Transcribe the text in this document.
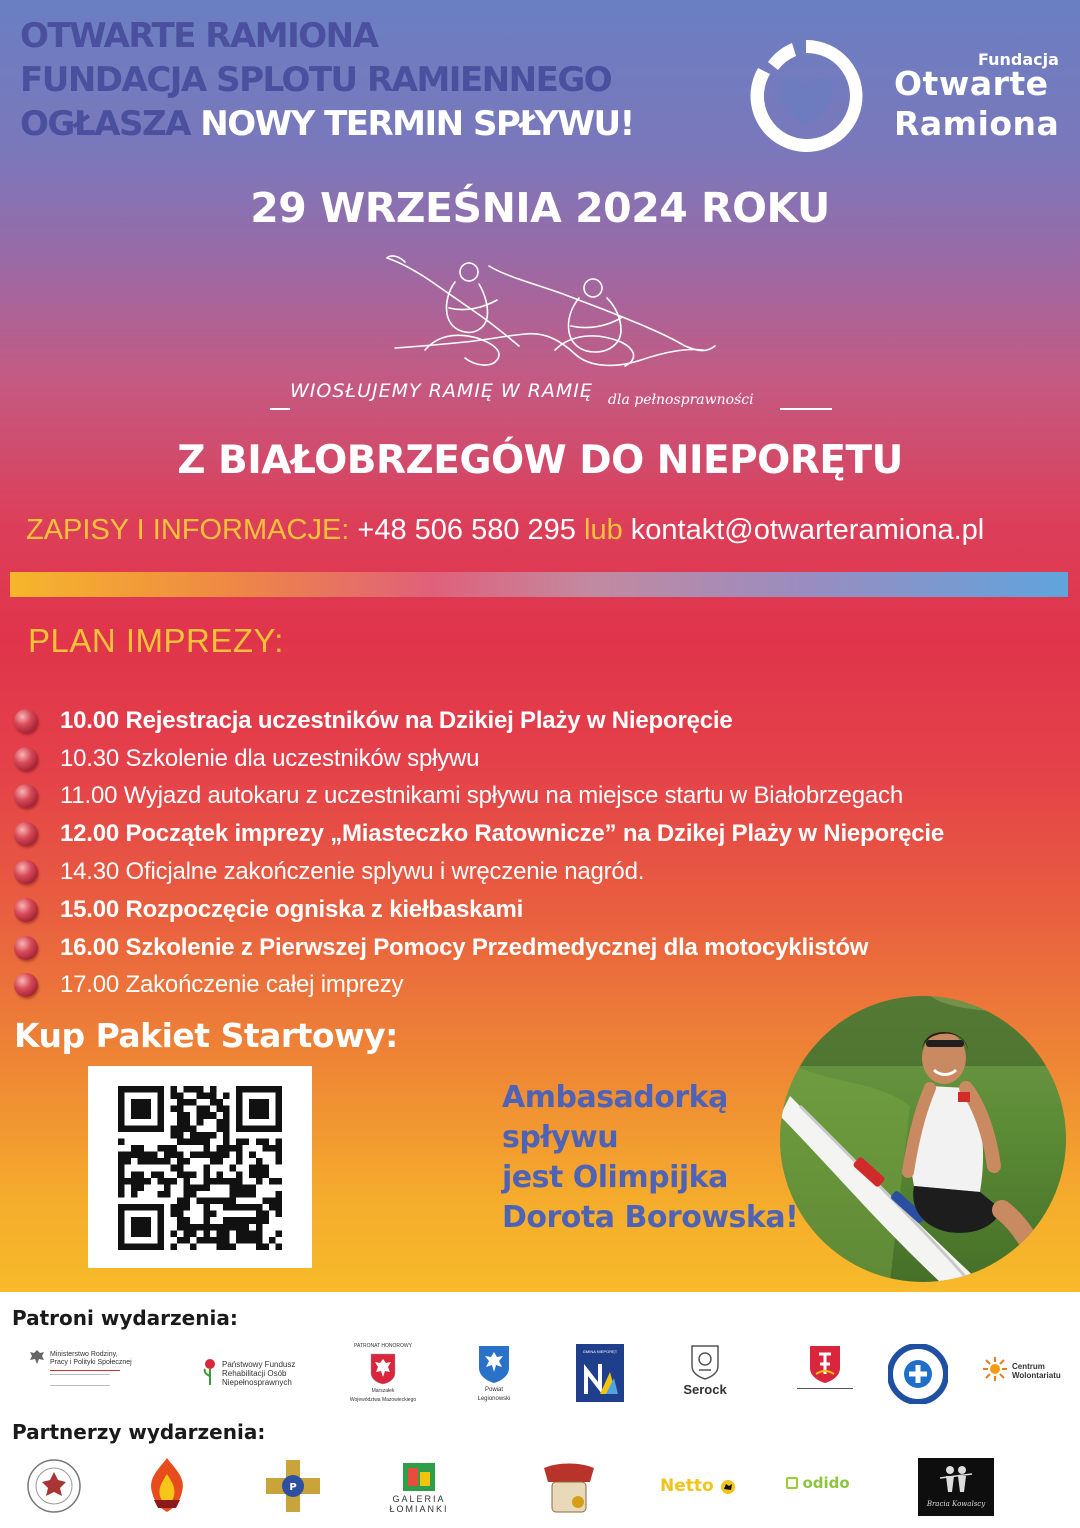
OTWARTE RAMIONA
FUNDACJA SPLOTU RAMIENNEGO
OGŁASZA NOWY TERMIN SPŁYWU!
Fundacja
Otwarte
Ramiona
29 WRZEŚNIA 2024 ROKU
WIOSŁUJEMY RAMIĘ W RAMIĘ dla pełnosprawności
Z BIAŁOBRZEGÓW DO NIEPORĘTU
ZAPISY I INFORMACJE: +48 506 580 295 lub kontakt@otwarteramiona.pl
PLAN IMPREZY:
10.00 Rejestracja uczestników na Dzikiej Plaży w Nieporęcie
10.30 Szkolenie dla uczestników spływu
11.00 Wyjazd autokaru z uczestnikami spływu na miejsce startu w Białobrzegach
12.00 Początek imprezy „Miasteczko Ratownicze” na Dzikej Plaży w Nieporęcie
14.30 Oficjalne zakończenie splywu i wręczenie nagród.
15.00 Rozpoczęcie ogniska z kiełbaskami
16.00 Szkolenie z Pierwszej Pomocy Przedmedycznej dla motocyklistów
17.00 Zakończenie całej imprezy
Kup Pakiet Startowy:
Ambasadorką
spływu
jest Olimpijka
Dorota Borowska!
Patroni wydarzenia:
Ministerstwo Rodziny,
Pracy i Polityki Społecznej	Państwowy Fundusz
Rehabilitacji Osób
Niepełnosprawnych
PATRONAT HONOROWY
Marszałek
Województwa Mazowieckiego
Powiat
Legionowski
GMINA NIEPORĘT
Serock
Centrum
Wolontariatu
Partnerzy wydarzenia:
P
GALERIA
ŁOMIANKI
Netto	odido
Bracia Kowalscy
